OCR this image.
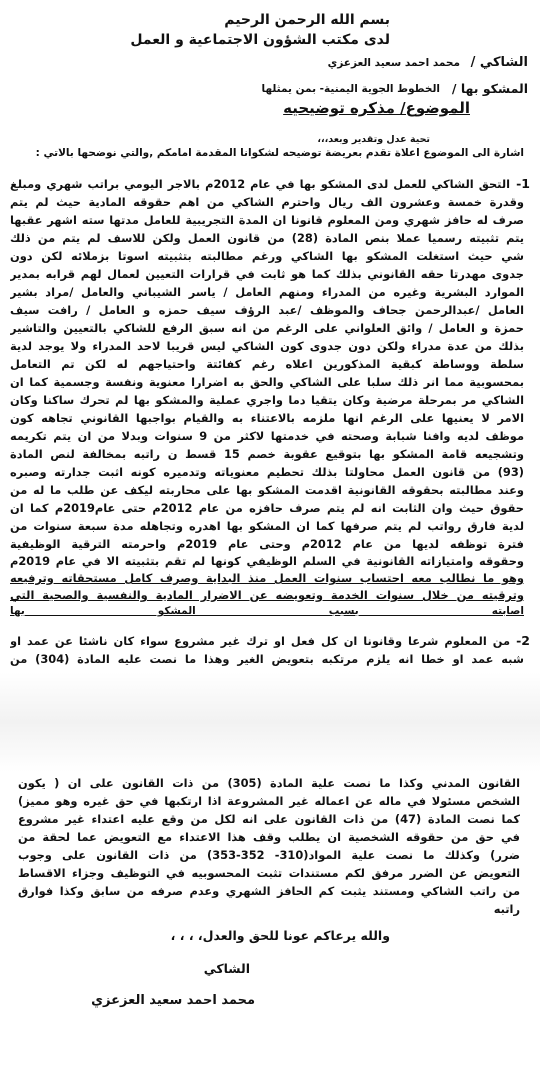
بسم الله الرحمن الرحيم

لدى مكتب الشؤون الاجتماعية و العمل

الشاكي /

محمد احمد سعيد العزعزي

المشكو بها /

الخطوط الجوية اليمنية- بمن يمثلها

الموضوع/ مذكره توضيحيه

تحية عدل وتقدير وبعد،،،

اشارة الى الموضوع اعلاة تقدم بعريضة توضيحه لشكوانا المقدمة امامكم ,والتي نوضحها بالاتي :

1-

التحق الشاكي للعمل لدى المشكو بها في عام 2012م بالاجر اليومي براتب شهري ومبلغ

وقدرة خمسة وعشرون الف ريال واحترم الشاكي من اهم حقوقه المادية حيث لم يتم

صرف له حافز شهري ومن المعلوم قانونا ان المدة التجريبية للعامل مدتها سته اشهر عقبها

يتم تثبيته رسميا عملا بنص المادة (28) من قانون العمل ولكن للاسف لم يتم من ذلك

شي حيث استغلت المشكو بها الشاكي ورغم مطالبته بتثبيته اسوتا بزملائه لكن دون

جدوى مهدرتا حقه القانوني بذلك كما هو ثابت في قرارات التعيين لعمال لهم قرابه بمدير

الموارد البشرية وغيره من المدراء ومنهم العامل / ياسر الشيباني والعامل /مراد بشير

العامل /عبدالرحمن جحاف والموظف /عبد الرؤف سيف حمزه و العامل / رافت سيف

حمزة و العامل / وائق العلواني على الرغم من انه سبق الرفع للشاكي بالتعيين والتاشير

بذلك من عدة مدراء ولكن دون جدوى كون الشاكي ليس قريبا لاحد المدراء ولا يوجد لدية

سلطة ووساطة كبقية المذكورين اعلاه رغم كفائتة واحتياجهم له لكن تم التعامل

بمحسوبية مما انر ذلك سلبا على الشاكي والحق به اضرارا معنوية ونفسة وجسمية كما ان

الشاكي مر بمرحلة مرضية وكان يتقيا دما واجري عملية والمشكو بها لم تحرك ساكنا وكان

الامر لا يعنيها على الرغم انها ملزمه بالاعتناء به والقيام بواجبها القانوني تجاهه كون

موظف لديه وافنا شبابة وصحته في خدمتها لاكثر من 9 سنوات وبدلا من ان يتم تكريمه

وتشجيعه قامة المشكو بها بتوقيع عقوبة خصم 15 قسط ن راتبه بمخالفة لنص المادة

(93) من قانون العمل محاولتا بذلك تحطيم معنوياته وتدميره كونه اثبت جدارته وصبره

وعند مطالبته بحقوقه القانونية اقدمت المشكو بها على محاربته ليكف عن طلب ما له من

حقوق حيث وان الثابت انه لم يتم صرف حافزه من عام 2012م حتى عام2019م كما ان

لدية فارق رواتب لم يتم صرفها كما ان المشكو بها اهدره وتجاهله مدة سبعة سنوات من

فترة توظفه لديها من عام 2012م وحتى عام 2019م واحرمته الترقية الوظيفية

وحقوقه وامتيازاته القانونية في السلم الوظيفي كونها لم تقم بتثبيته الا في عام 2019م

وهو ما نطالب معه احتساب سنوات العمل منذ البداية وصرف كامل مستحقاته وترفيعه

وترقيته من خلال سنوات الخدمة وتعويضه عن الاضرار المادية والنفسية والصحية التي

اصابته بسبب المشكو بها

2-

من المعلوم شرعا وقانونا ان كل فعل او ترك غير مشروع سواء كان ناشئا عن عمد او

شبه عمد او خطا انه يلزم مرتكبه بتعويض الغير وهذا ما نصت عليه المادة (304) من

القانون المدني وكذا ما نصت علية المادة (305) من ذات القانون على ان ( يكون

الشخص مسئولا في ماله عن اعماله غير المشروعة اذا ارتكبها في حق غيره وهو مميز)

كما نصت المادة (47) من ذات القانون على انه لكل من وقع عليه اعتداء غير مشروع

في حق من حقوقه الشخصية ان يطلب وقف هذا الاعتداء مع التعويض عما لحقة من

ضرر) وكذلك ما نصت علية المواد(310- 352-353) من ذات القانون على وجوب

التعويض عن الضرر مرفق لكم مستندات تثبت المحسوبيه في التوظيف وجزاء الاقساط

من راتب الشاكي ومستند يثبت كم الحافز الشهري وعدم صرفه من سابق وكذا فوارق

راتبه

والله يرعاكم عونا للحق والعدل، ، ، ،

الشاكي

محمد احمد سعيد العزعزي
